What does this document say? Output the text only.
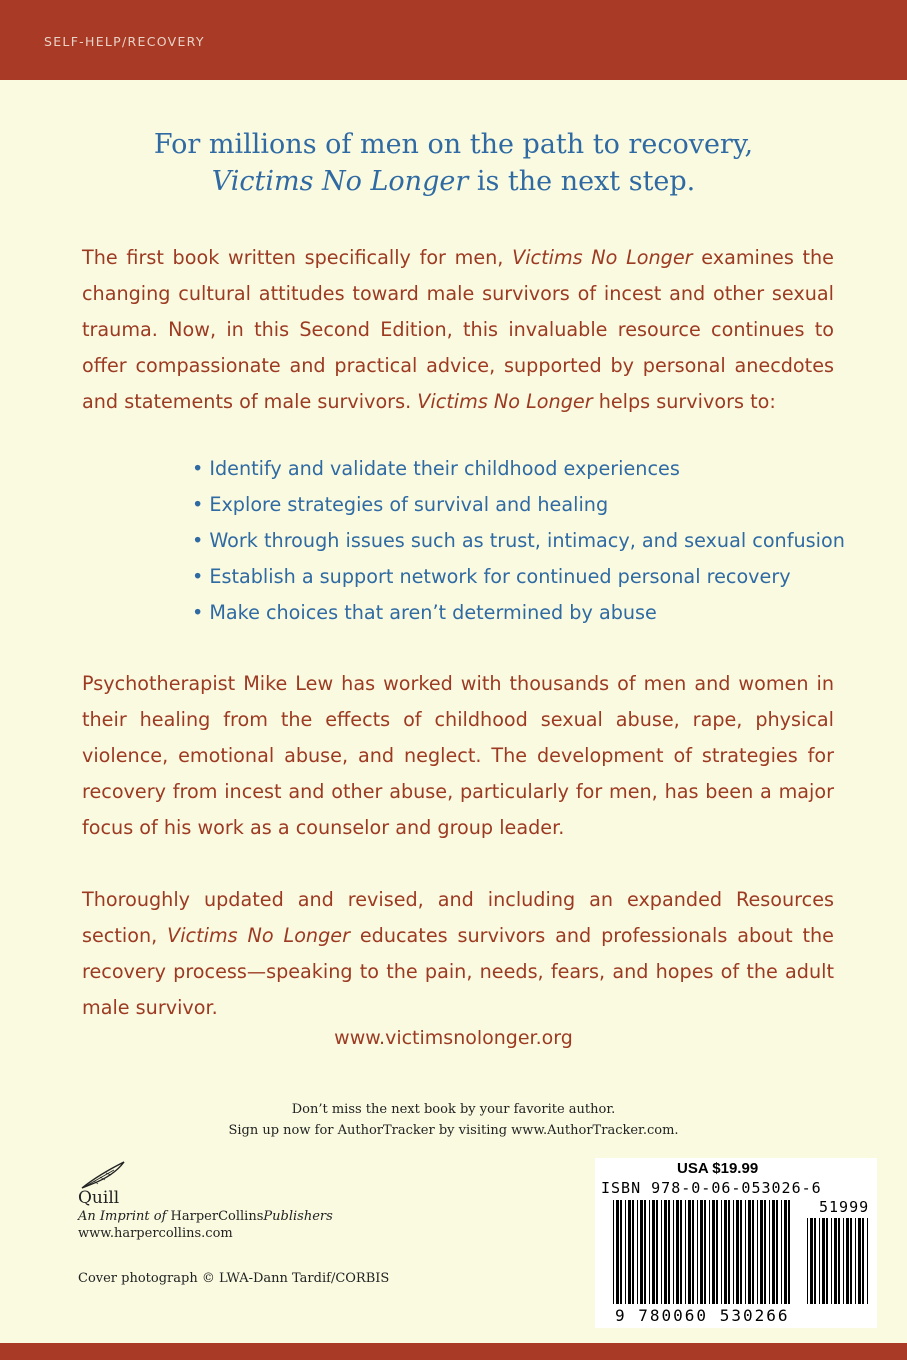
SELF-HELP/RECOVERY
For millions of men on the path to recovery,
Victims No Longer is the next step.

The first book written specifically for men, Victims No Longer examines the changing cultural attitudes toward male survivors of incest and other sexual trauma. Now, in this Second Edition, this invaluable resource continues to offer compassionate and practical advice, supported by personal anecdotes and statements of male survivors. Victims No Longer helps survivors to:

• Identify and validate their childhood experiences
• Explore strategies of survival and healing
• Work through issues such as trust, intimacy, and sexual confusion
• Establish a support network for continued personal recovery
• Make choices that aren’t determined by abuse

Psychotherapist Mike Lew has worked with thousands of men and women in their healing from the effects of childhood sexual abuse, rape, physical violence, emotional abuse, and neglect. The development of strategies for recovery from incest and other abuse, particularly for men, has been a major focus of his work as a counselor and group leader.

Thoroughly updated and revised, and including an expanded Resources section, Victims No Longer educates survivors and professionals about the recovery process—speaking to the pain, needs, fears, and hopes of the adult male survivor.

www.victimsnolonger.org
Don’t miss the next book by your favorite author.
Sign up now for AuthorTracker by visiting www.AuthorTracker.com.
Quill
An Imprint of HarperCollinsPublishers
www.harpercollins.com
Cover photograph © LWA-Dann Tardif/CORBIS
USA $19.99
ISBN 978-0-06-053026-6
51999
9 780060 530266
